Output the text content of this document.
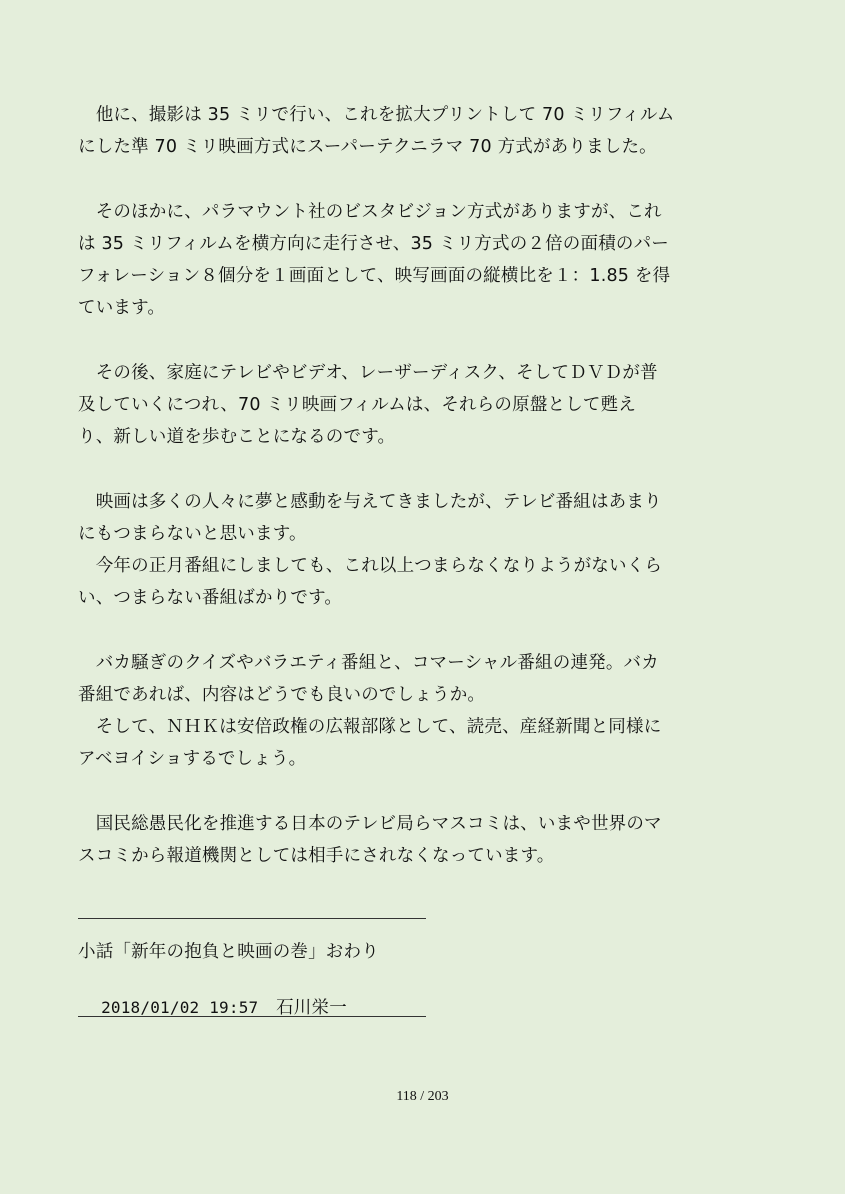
　他に、撮影は 35 ミリで行い、これを拡大プリントして 70 ミリフィルム
にした準 70 ミリ映画方式にスーパーテクニラマ 70 方式がありました。
　そのほかに、パラマウント社のビスタビジョン方式がありますが、これ
は 35 ミリフィルムを横方向に走行させ、35 ミリ方式の２倍の面積のパー
フォレーション８個分を１画面として、映写画面の縦横比を１：1.85 を得
ています。
　その後、家庭にテレビやビデオ、レーザーディスク、そしてＤＶＤが普
及していくにつれ、70 ミリ映画フィルムは、それらの原盤として甦え
り、新しい道を歩むことになるのです。
　映画は多くの人々に夢と感動を与えてきましたが、テレビ番組はあまり
にもつまらないと思います。
　今年の正月番組にしましても、これ以上つまらなくなりようがないくら
い、つまらない番組ばかりです。
　バカ騒ぎのクイズやバラエティ番組と、コマーシャル番組の連発。バカ
番組であれば、内容はどうでも良いのでしょうか。
　そして、ＮＨＫは安倍政権の広報部隊として、読売、産経新聞と同様に
アベヨイショするでしょう。
　国民総愚民化を推進する日本のテレビ局らマスコミは、いまや世界のマ
スコミから報道機関としては相手にされなくなっています。
小話「新年の抱負と映画の巻」おわり

2018/01/02 19:57　 石川栄一

118 / 203
